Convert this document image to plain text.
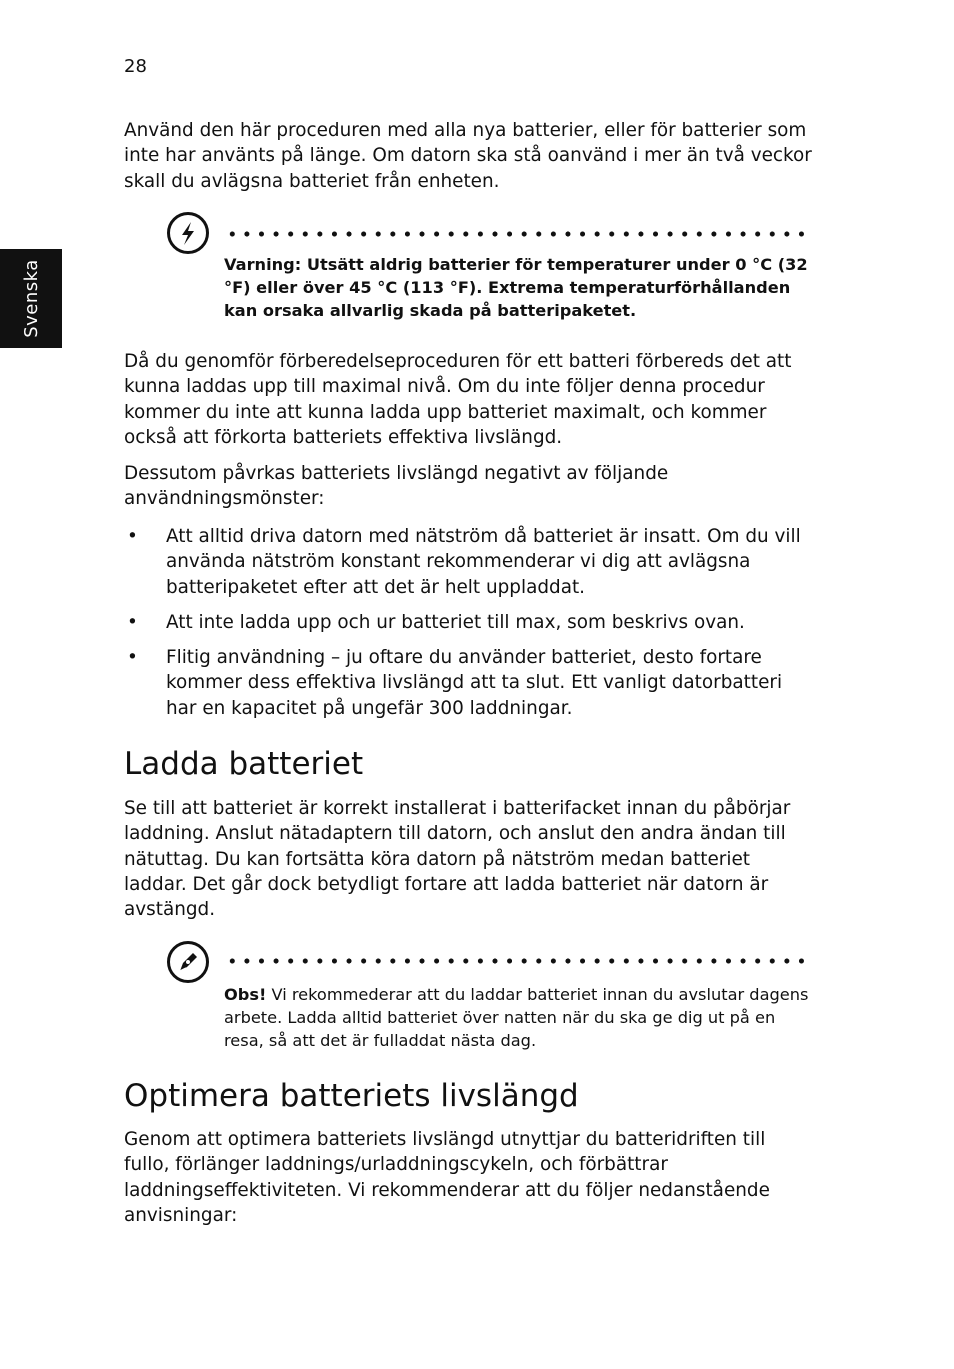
28
Svenska

Använd den här proceduren med alla nya batterier, eller för batterier som inte har använts på länge. Om datorn ska stå oanvänd i mer än två veckor skall du avlägsna batteriet från enheten.

Varning: Utsätt aldrig batterier för temperaturer under 0 °C (32 °F) eller över 45 °C (113 °F). Extrema temperaturförhållanden kan orsaka allvarlig skada på batteripaketet.

Då du genomför förberedelseproceduren för ett batteri förbereds det att kunna laddas upp till maximal nivå. Om du inte följer denna procedur kommer du inte att kunna ladda upp batteriet maximalt, och kommer också att förkorta batteriets effektiva livslängd.

Dessutom påvrkas batteriets livslängd negativt av följande användningsmönster:

• Att alltid driva datorn med nätström då batteriet är insatt. Om du vill använda nätström konstant rekommenderar vi dig att avlägsna batteripaketet efter att det är helt uppladdat.
• Att inte ladda upp och ur batteriet till max, som beskrivs ovan.
• Flitig användning – ju oftare du använder batteriet, desto fortare kommer dess effektiva livslängd att ta slut. Ett vanligt datorbatteri har en kapacitet på ungefär 300 laddningar.
Ladda batteriet

Se till att batteriet är korrekt installerat i batterifacket innan du påbörjar laddning. Anslut nätadaptern till datorn, och anslut den andra ändan till nätuttag. Du kan fortsätta köra datorn på nätström medan batteriet laddar. Det går dock betydligt fortare att ladda batteriet när datorn är avstängd.

Obs! Vi rekommederar att du laddar batteriet innan du avslutar dagens arbete. Ladda alltid batteriet över natten när du ska ge dig ut på en resa, så att det är fulladdat nästa dag.

Optimera batteriets livslängd

Genom att optimera batteriets livslängd utnyttjar du batteridriften till fullo, förlänger laddnings/urladdningscykeln, och förbättrar laddningseffektiviteten. Vi rekommenderar att du följer nedanstående anvisningar:
